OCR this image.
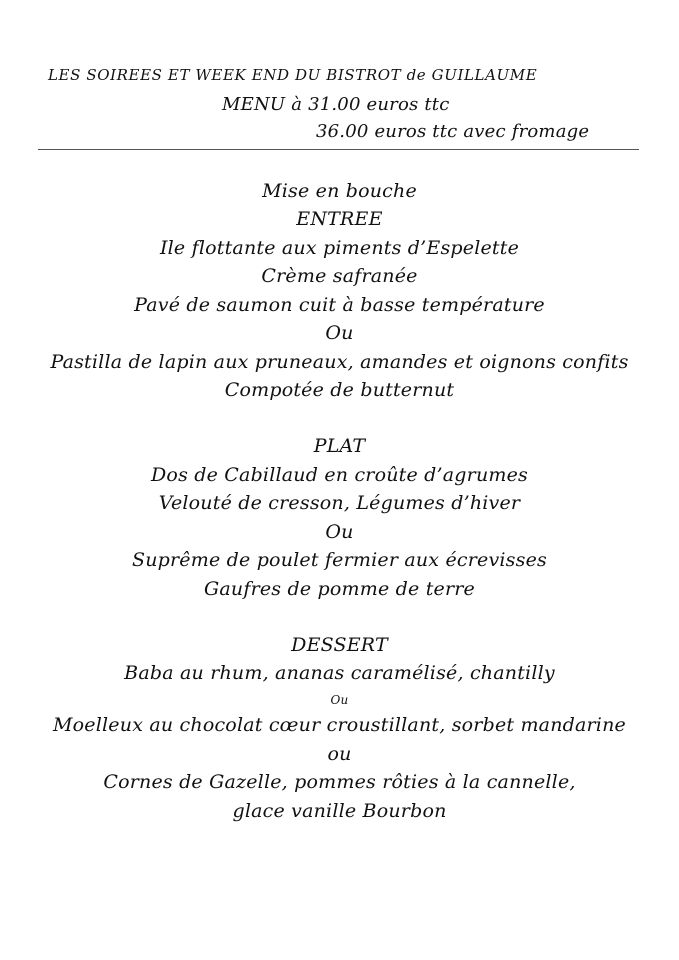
LES SOIREES ET WEEK END DU BISTROT de GUILLAUME
MENU à 31.00 euros ttc
36.00 euros ttc avec fromage
Mise en bouche
ENTREE
Ile flottante aux piments d’Espelette
Crème safranée
Pavé de saumon cuit à basse température
Ou
Pastilla de lapin aux pruneaux, amandes et oignons confits
Compotée de butternut
PLAT
Dos de Cabillaud en croûte d’agrumes
Velouté de cresson, Légumes d’hiver
Ou
Suprême de poulet fermier aux écrevisses
Gaufres de pomme de terre
DESSERT
Baba au rhum, ananas caramélisé, chantilly
Ou
Moelleux au chocolat cœur croustillant, sorbet mandarine
ou
Cornes de Gazelle, pommes rôties à la cannelle,
glace vanille Bourbon
